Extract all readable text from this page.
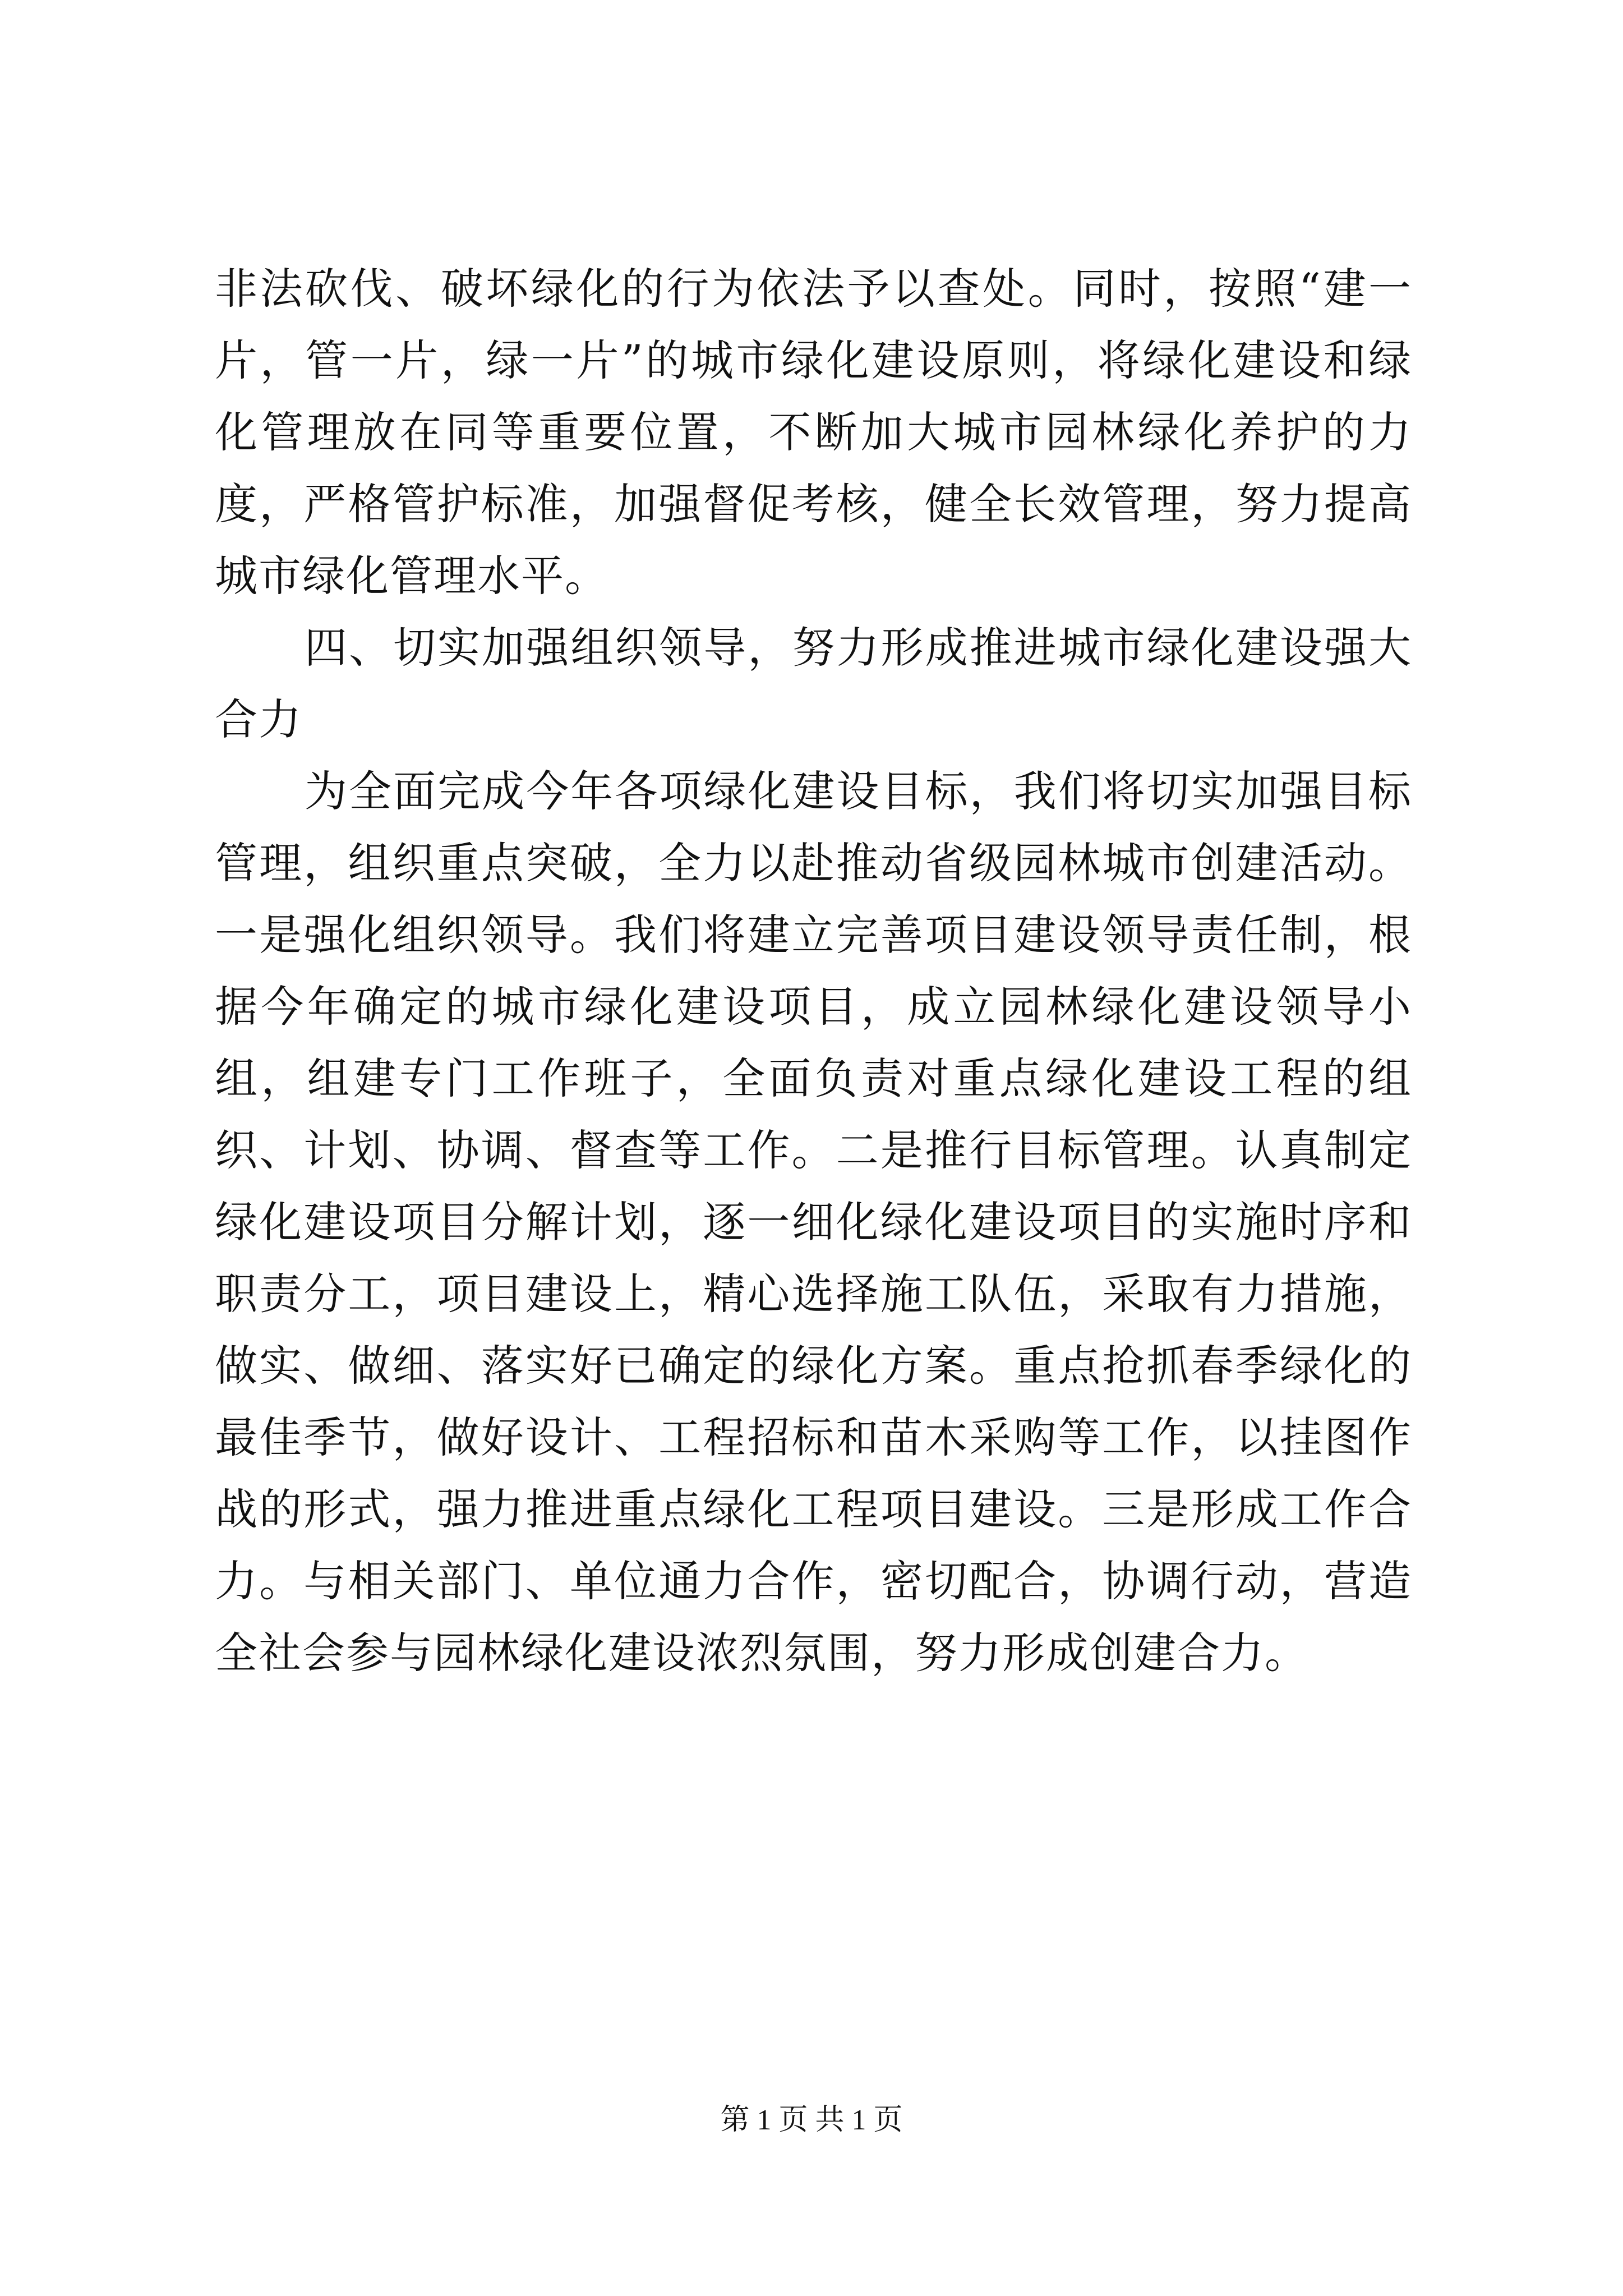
非法砍伐、破坏绿化的行为依法予以查处。同时，按照“建一片，管一片，绿一片”的城市绿化建设原则，将绿化建设和绿化管理放在同等重要位置，不断加大城市园林绿化养护的力度，严格管护标准，加强督促考核，健全长效管理，努力提高城市绿化管理水平。

四、切实加强组织领导，努力形成推进城市绿化建设强大合力

为全面完成今年各项绿化建设目标，我们将切实加强目标管理，组织重点突破，全力以赴推动省级园林城市创建活动。一是强化组织领导。我们将建立完善项目建设领导责任制，根据今年确定的城市绿化建设项目，成立园林绿化建设领导小组，组建专门工作班子，全面负责对重点绿化建设工程的组织、计划、协调、督查等工作。二是推行目标管理。认真制定绿化建设项目分解计划，逐一细化绿化建设项目的实施时序和职责分工，项目建设上，精心选择施工队伍，采取有力措施，做实、做细、落实好已确定的绿化方案。重点抢抓春季绿化的最佳季节，做好设计、工程招标和苗木采购等工作，以挂图作战的形式，强力推进重点绿化工程项目建设。三是形成工作合力。与相关部门、单位通力合作，密切配合，协调行动，营造全社会参与园林绿化建设浓烈氛围，努力形成创建合力。

第 1 页 共 1 页
